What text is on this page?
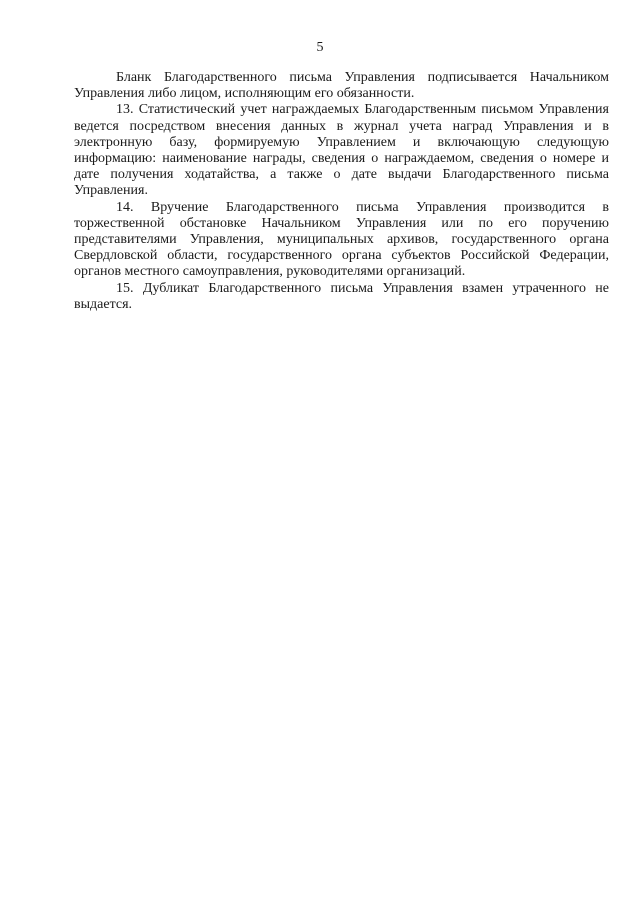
5

Бланк Благодарственного письма Управления подписывается Начальником Управления либо лицом, исполняющим его обязанности.

13. Статистический учет награждаемых Благодарственным письмом Управления ведется посредством внесения данных в журнал учета наград Управления и в электронную базу, формируемую Управлением и включающую следующую информацию: наименование награды, сведения о награждаемом, сведения о номере и дате получения ходатайства, а также о дате выдачи Благодарственного письма Управления.

14. Вручение Благодарственного письма Управления производится в торжественной обстановке Начальником Управления или по его поручению представителями Управления, муниципальных архивов, государственного органа Свердловской области, государственного органа субъектов Российской Федерации, органов местного самоуправления, руководителями организаций.

15. Дубликат Благодарственного письма Управления взамен утраченного не выдается.
